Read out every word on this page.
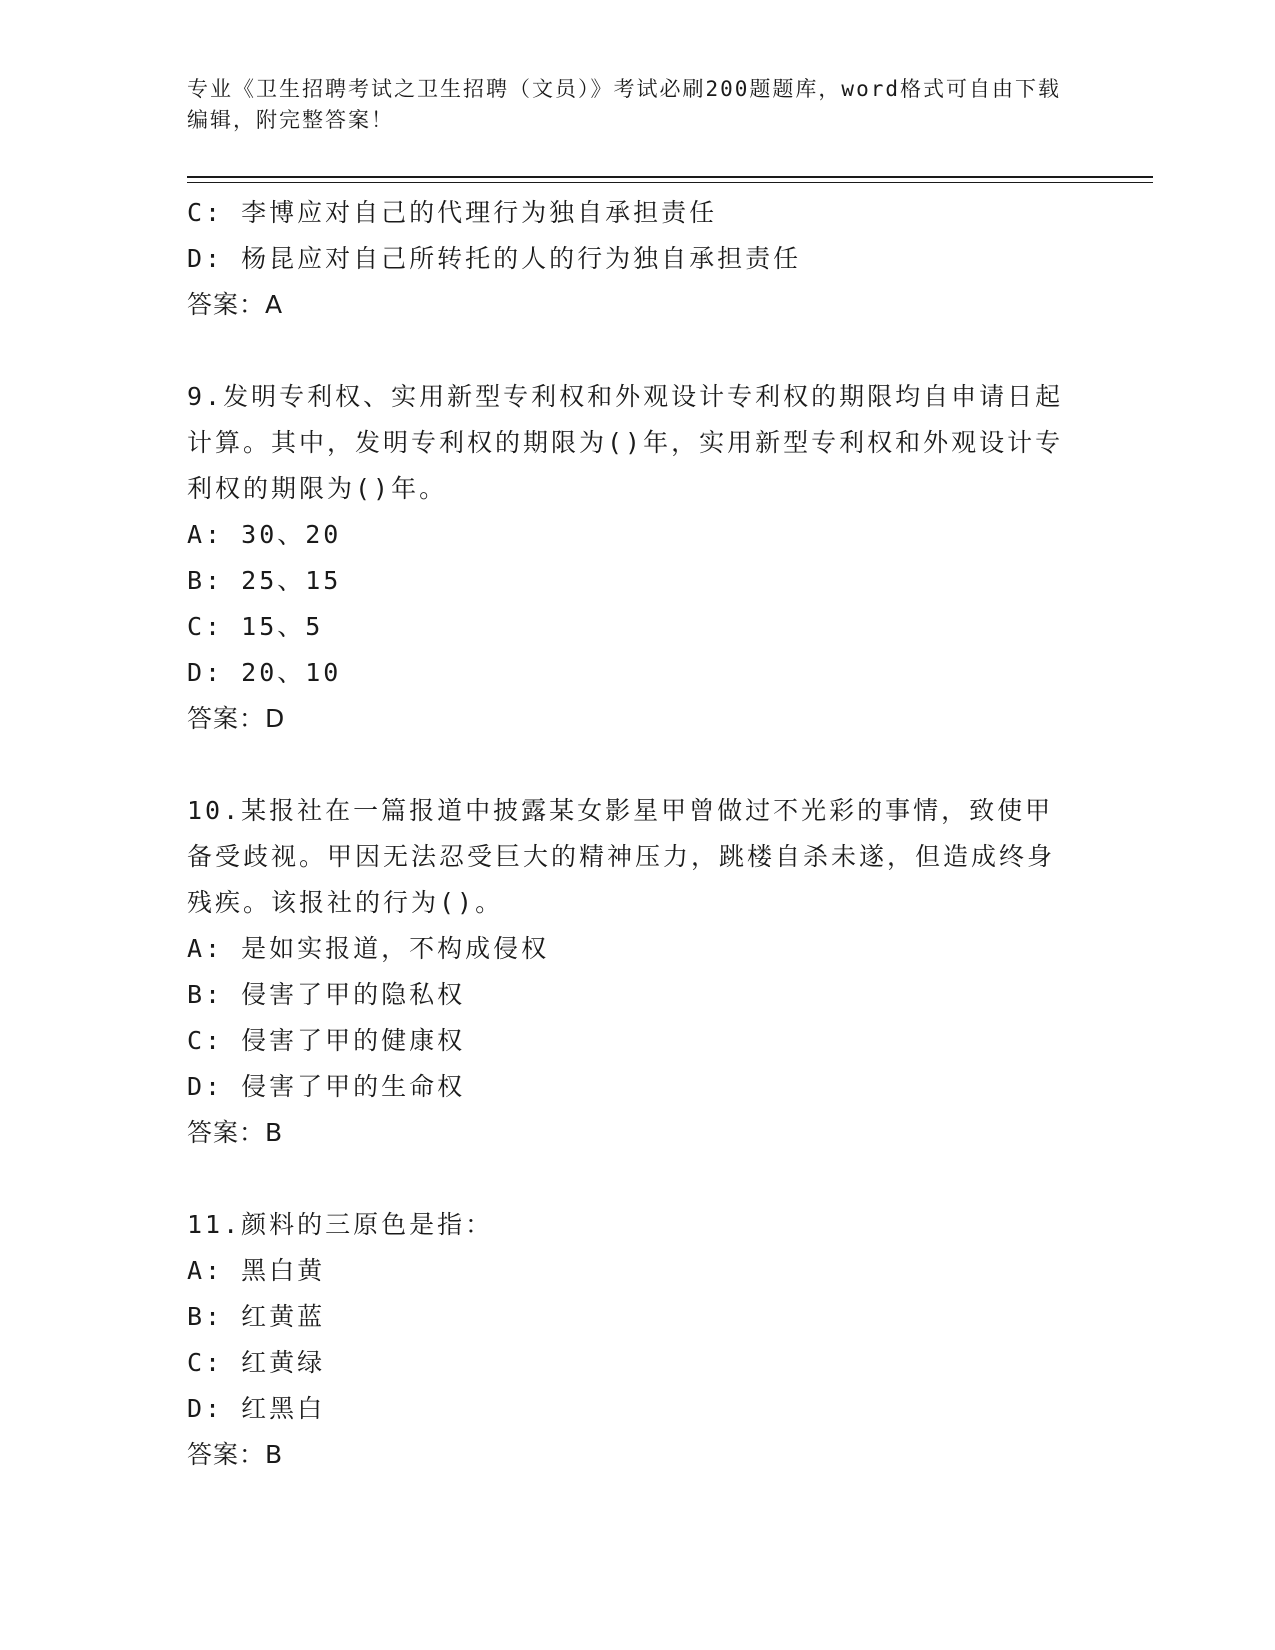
专业《卫生招聘考试之卫生招聘（文员）》考试必刷200题题库，word格式可自由下载编辑，附完整答案！
C: 李博应对自己的代理行为独自承担责任
D: 杨昆应对自己所转托的人的行为独自承担责任
答案：A
9.发明专利权、实用新型专利权和外观设计专利权的期限均自申请日起计算。其中，发明专利权的期限为()年，实用新型专利权和外观设计专利权的期限为()年。
A: 30、20
B: 25、15
C: 15、5
D: 20、10
答案：D
10.某报社在一篇报道中披露某女影星甲曾做过不光彩的事情，致使甲备受歧视。甲因无法忍受巨大的精神压力，跳楼自杀未遂，但造成终身残疾。该报社的行为()。
A: 是如实报道，不构成侵权
B: 侵害了甲的隐私权
C: 侵害了甲的健康权
D: 侵害了甲的生命权
答案：B
11.颜料的三原色是指：
A: 黑白黄
B: 红黄蓝
C: 红黄绿
D: 红黑白
答案：B
